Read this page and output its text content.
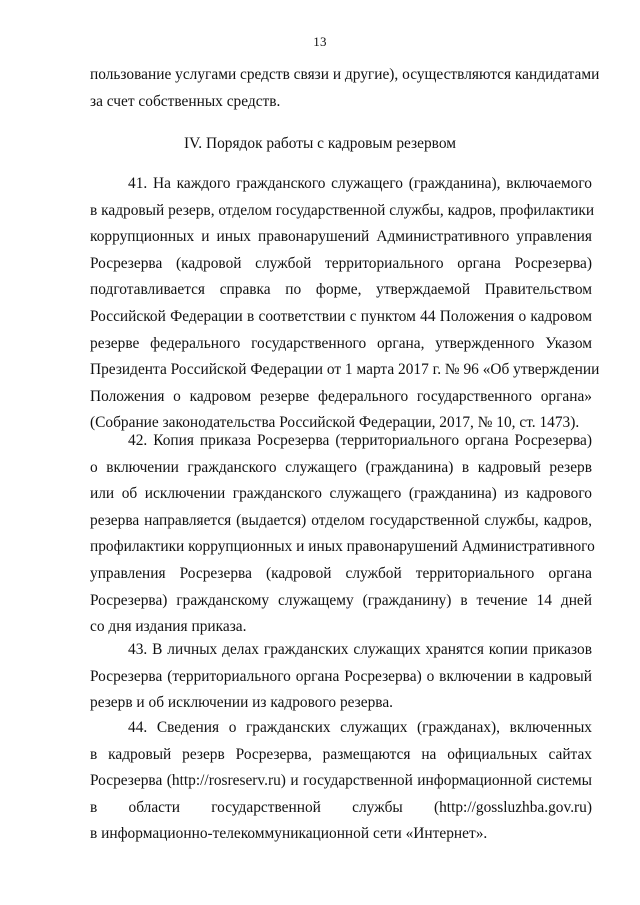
13
пользование услугами средств связи и другие), осуществляются кандидатами
за счет собственных средств.
IV. Порядок работы с кадровым резервом
41. На каждого гражданского служащего (гражданина), включаемого
в кадровый резерв, отделом государственной службы, кадров, профилактики
коррупционных и иных правонарушений Административного управления
Росрезерва (кадровой службой территориального органа Росрезерва)
подготавливается справка по форме, утверждаемой Правительством
Российской Федерации в соответствии с пунктом 44 Положения о кадровом
резерве федерального государственного органа, утвержденного Указом
Президента Российской Федерации от 1 марта 2017 г. № 96 «Об утверждении
Положения о кадровом резерве федерального государственного органа»
(Собрание законодательства Российской Федерации, 2017, № 10, ст. 1473).
42. Копия приказа Росрезерва (территориального органа Росрезерва)
о включении гражданского служащего (гражданина) в кадровый резерв
или об исключении гражданского служащего (гражданина) из кадрового
резерва направляется (выдается) отделом государственной службы, кадров,
профилактики коррупционных и иных правонарушений Административного
управления Росрезерва (кадровой службой территориального органа
Росрезерва) гражданскому служащему (гражданину) в течение 14 дней
со дня издания приказа.
43. В личных делах гражданских служащих хранятся копии приказов
Росрезерва (территориального органа Росрезерва) о включении в кадровый
резерв и об исключении из кадрового резерва.
44. Сведения о гражданских служащих (гражданах), включенных
в кадровый резерв Росрезерва, размещаются на официальных сайтах
Росрезерва (http://rosreserv.ru) и государственной информационной системы
в области государственной службы (http://gossluzhba.gov.ru)
в информационно-телекоммуникационной сети «Интернет».
